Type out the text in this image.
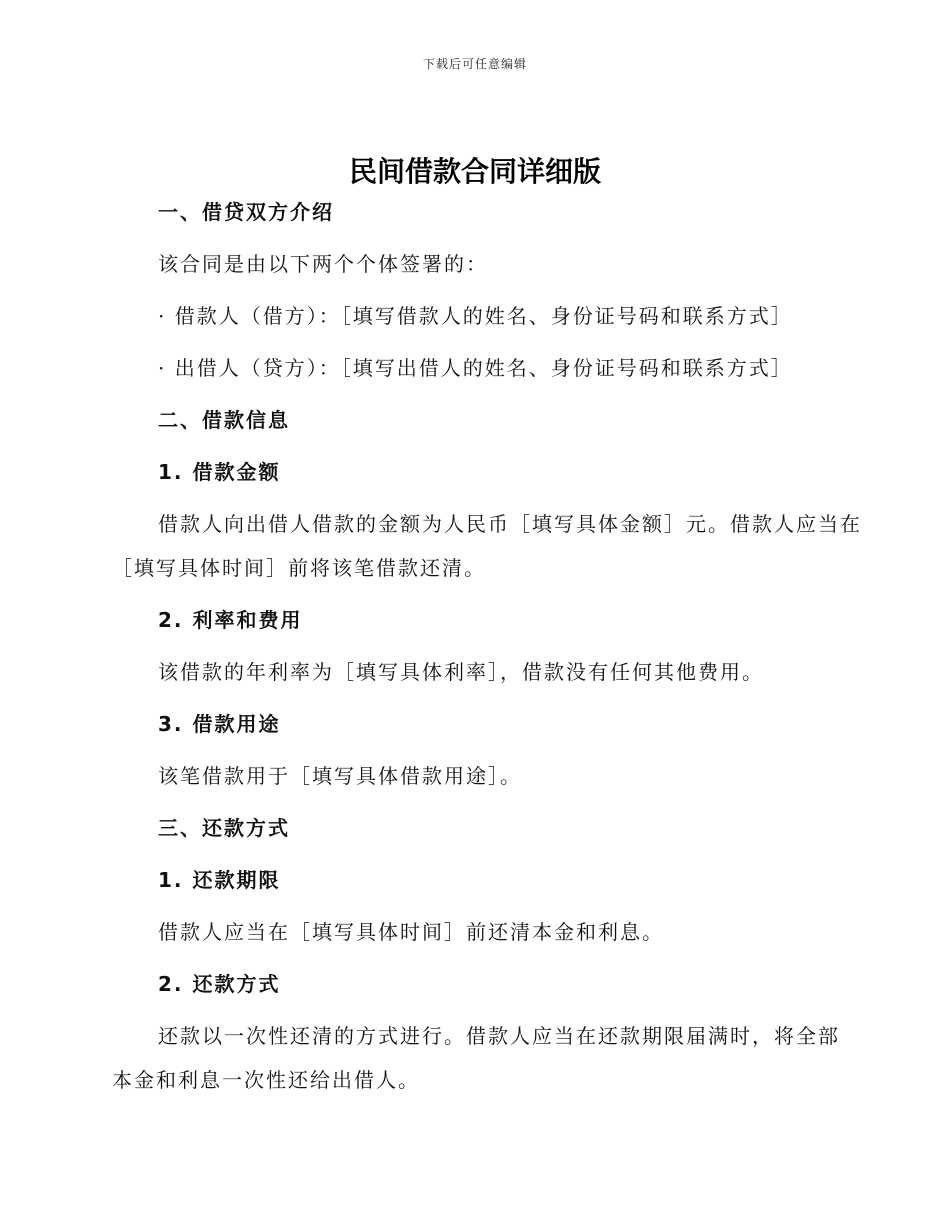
下载后可任意编辑
民间借款合同详细版

一、借贷双方介绍

该合同是由以下两个个体签署的：

· 借款人（借方）：［填写借款人的姓名、身份证号码和联系方式］

· 出借人（贷方）：［填写出借人的姓名、身份证号码和联系方式］

二、借款信息

1. 借款金额

借款人向出借人借款的金额为人民币［填写具体金额］元。借款人应当在

［填写具体时间］前将该笔借款还清。

2. 利率和费用

该借款的年利率为［填写具体利率］，借款没有任何其他费用。

3. 借款用途

该笔借款用于［填写具体借款用途］。

三、还款方式

1. 还款期限

借款人应当在［填写具体时间］前还清本金和利息。

2. 还款方式

还款以一次性还清的方式进行。借款人应当在还款期限届满时，将全部

本金和利息一次性还给出借人。
